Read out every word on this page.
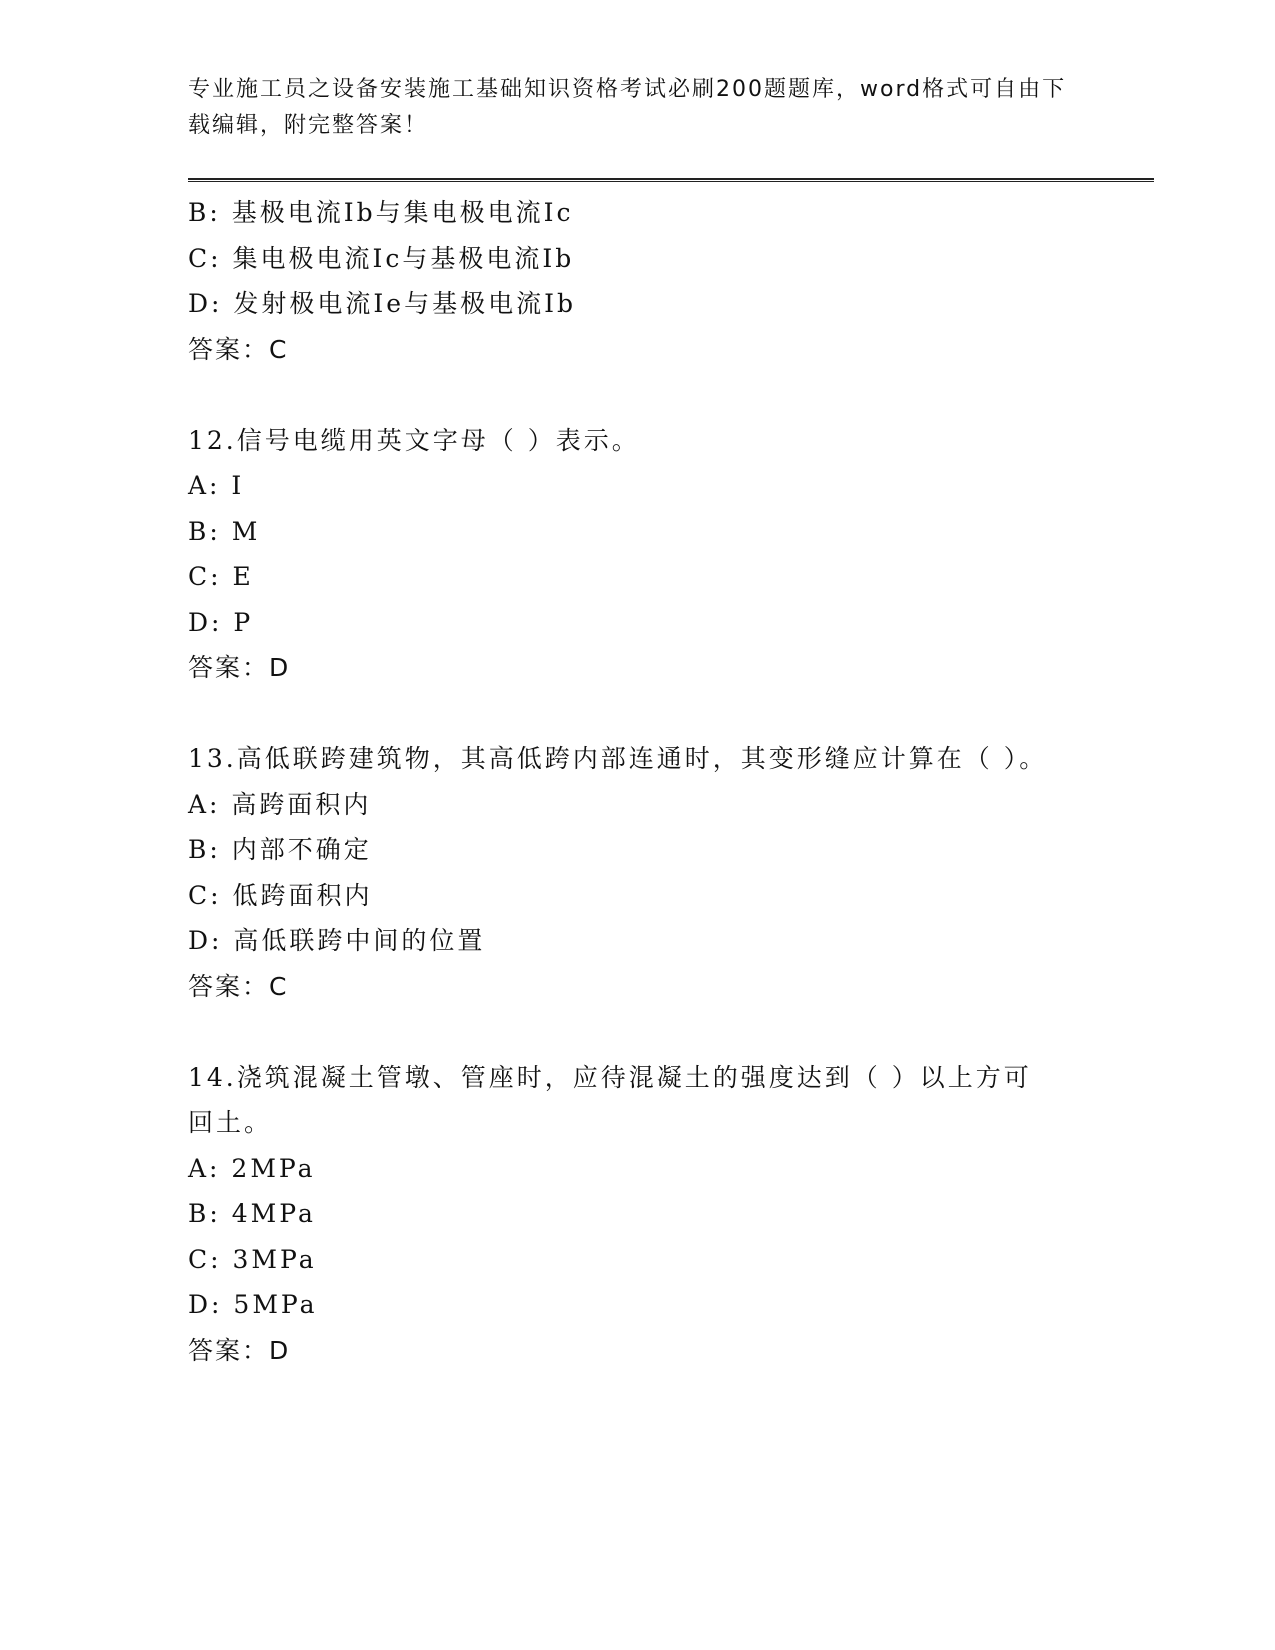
专业施工员之设备安装施工基础知识资格考试必刷200题题库，word格式可自由下载编辑，附完整答案！
B: 基极电流Ib与集电极电流Ic
C: 集电极电流Ic与基极电流Ib
D: 发射极电流Ie与基极电流Ib
答案：C
12.信号电缆用英文字母（ ）表示。
A: I
B: M
C: E
D: P
答案：D
13.高低联跨建筑物，其高低跨内部连通时，其变形缝应计算在（ ）。
A: 高跨面积内
B: 内部不确定
C: 低跨面积内
D: 高低联跨中间的位置
答案：C
14.浇筑混凝土管墩、管座时，应待混凝土的强度达到（ ）以上方可回土。
A: 2MPa
B: 4MPa
C: 3MPa
D: 5MPa
答案：D
